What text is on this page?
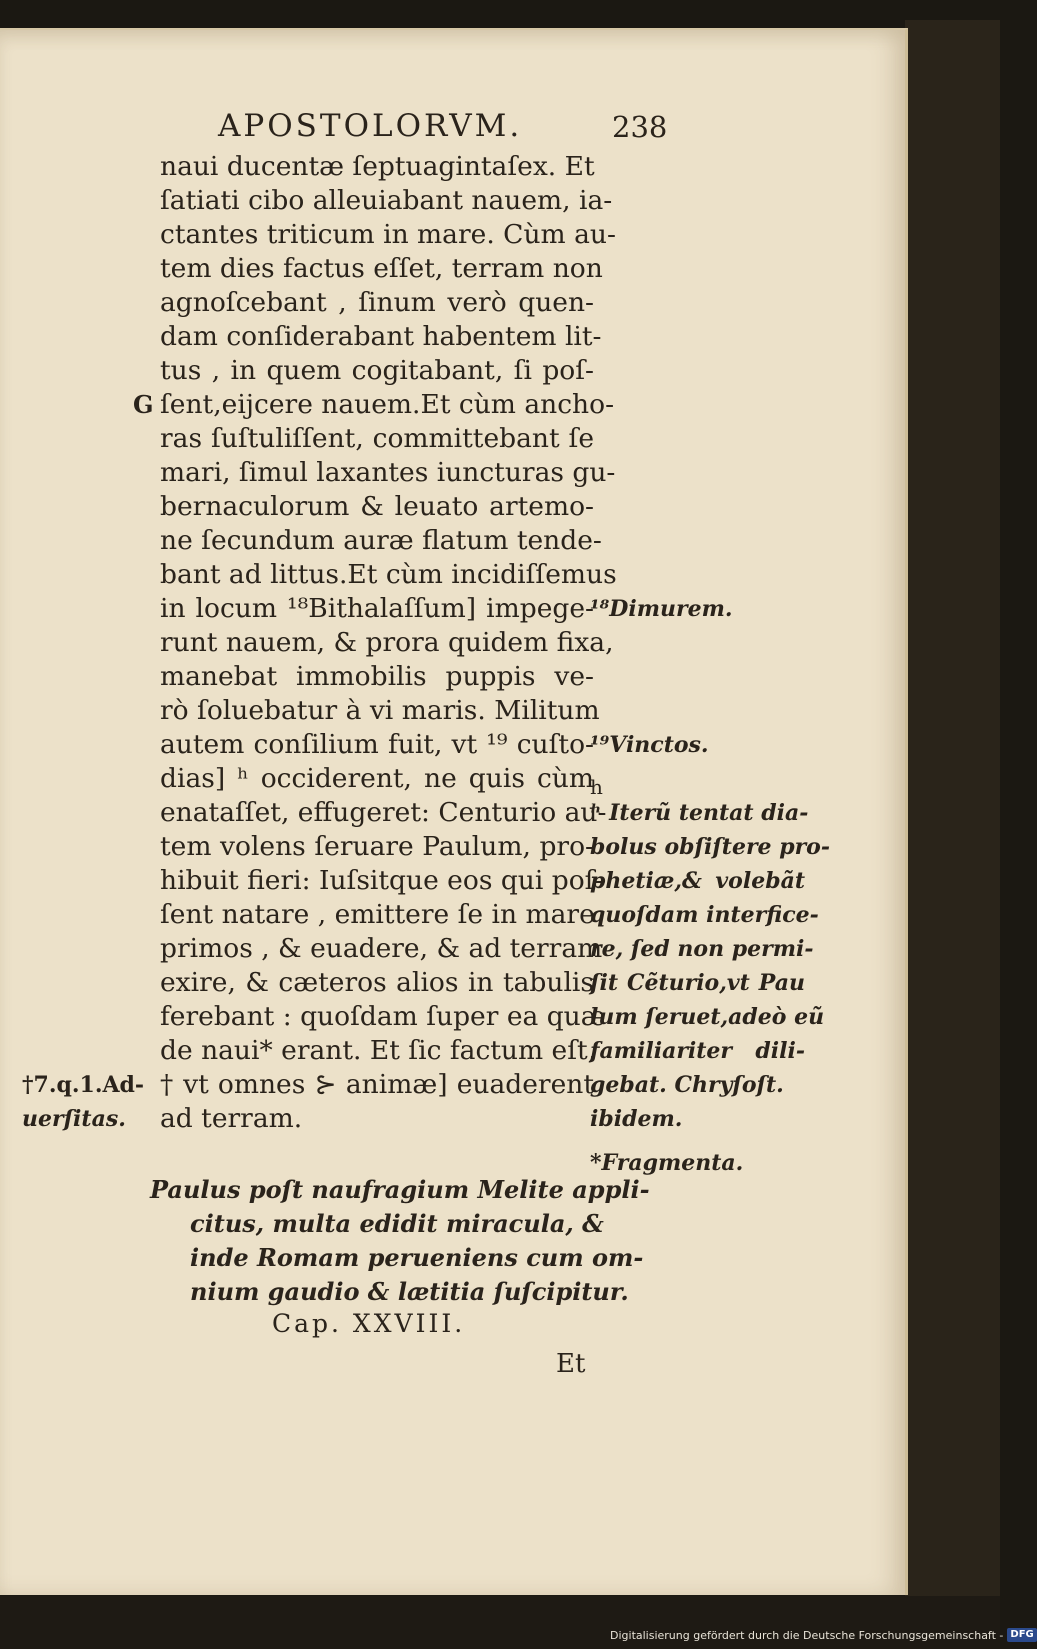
APOSTOLORVM.	238
G
naui ducentæ ſeptuagintaſex. Et
ſatiati cibo alleuiabant nauem, ia-
ctantes triticum in mare. Cùm au-
tem dies factus eſſet, terram non
agnoſcebant , ſinum verò quen-
dam conſiderabant habentem lit-
tus , in quem cogitabant, ſi poſ-
ſent,eijcere nauem.Et cùm ancho-
ras ſuſtuliſſent, committebant ſe
mari, ſimul laxantes iuncturas gu-
bernaculorum & leuato artemo-
ne ſecundum auræ flatum tende-
bant ad littus.Et cùm incidiſſemus
in locum ¹⁸Bithalaſſum] impege-
runt nauem, & prora quidem fixa,
manebat immobilis puppis ve-
rò ſoluebatur à vi maris. Militum
autem conſilium fuit, vt ¹⁹ cuſto-
dias] ʰ occiderent, ne quis cùm
enataſſet, effugeret: Centurio au-
tem volens ſeruare Paulum, pro-
hibuit fieri: Iuſsitque eos qui poſ-
ſent natare , emittere ſe in mare
primos , & euadere, & ad terram
exire, & cæteros alios in tabulis
ferebant : quoſdam ſuper ea quæ
de naui* erant. Et ſic factum eſt,
† vt omnes ⊱ animæ] euaderent
ad terram.
¹⁸Dimurem.
¹⁹Vinctos.
h
ʰ Iterũ tentat dia-
bolus obſiſtere pro-
phetiæ,& volebãt
quoſdam interfice-
re, ſed non permi-
ſit Cẽturio,vt Pau
lum ſeruet,adeò eũ
familiariter dili-
gebat. Chryſoſt.
ibidem.
*Fragmenta.
†7.q.1.Ad-
uerſitas.
Paulus poſt naufragium Melite appli-
citus, multa edidit miracula, &
inde Romam perueniens cum om-
nium gaudio & lætitia ſuſcipitur.
Cap. XXVIII.
Et
Digitalisierung gefördert durch die Deutsche Forschungsgemeinschaft - DFG
